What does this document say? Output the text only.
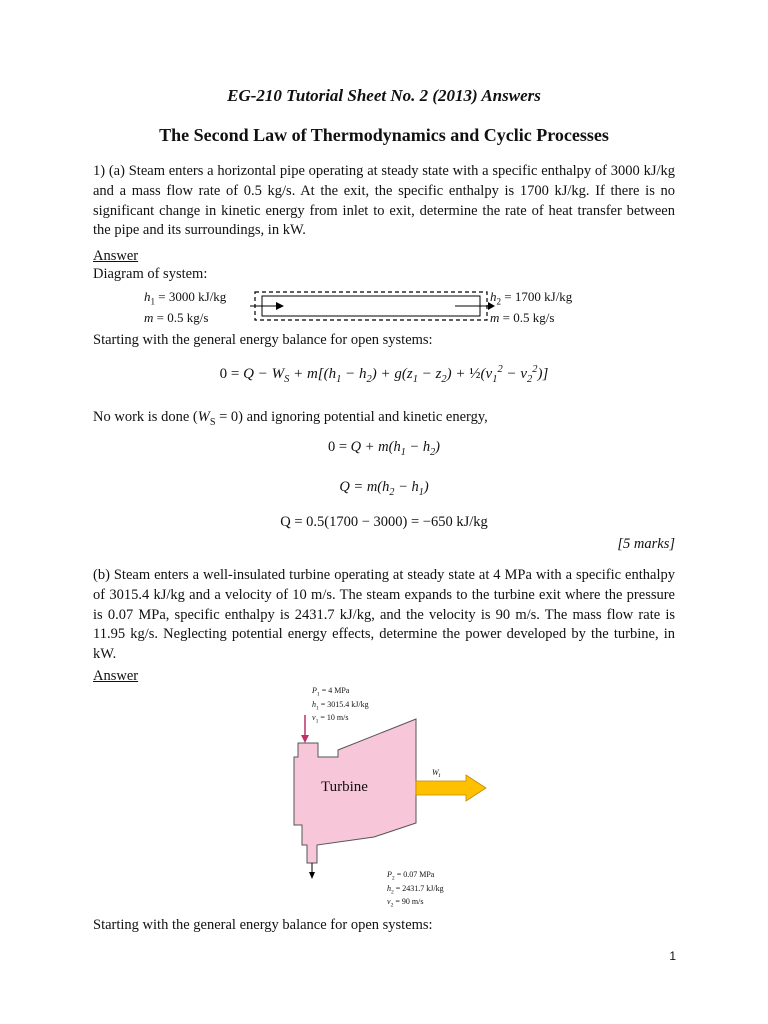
EG-210 Tutorial Sheet No. 2 (2013) Answers
The Second Law of Thermodynamics and Cyclic Processes
1) (a) Steam enters a horizontal pipe operating at steady state with a specific enthalpy of 3000 kJ/kg and a mass flow rate of 0.5 kg/s. At the exit, the specific enthalpy is 1700 kJ/kg. If there is no significant change in kinetic energy from inlet to exit, determine the rate of heat transfer between the pipe and its surroundings, in kW.
Answer
Diagram of system:
$h_1 = 3000$ kJ/kg
m = 0.5 kg/s
$h_2 = 1700$ kJ/kg
m = 0.5 kg/s
Starting with the general energy balance for open systems:
$0 = Q - W_S + m[(h_1 - h_2) + g(z_1 - z_2)$ + $\frac{1}{2}(v_1^2 - v_2^2)$]
No work is done $(W_S = 0)$ and ignoring potential and kinetic energy,
$0 = Q + m(h_1 - h_2)$
$Q = m(h_2 - h_1)$
Q = 0.5(1700 − 3000) = −650 kJ/kg
[5 marks]
(b) Steam enters a well-insulated turbine operating at steady state at 4 MPa with a specific enthalpy of 3015.4 kJ/kg and a velocity of 10 m/s. The steam expands to the turbine exit where the pressure is 0.07 MPa, specific enthalpy is 2431.7 kJ/kg, and the velocity is 90 m/s. The mass flow rate is 11.95 kg/s. Neglecting potential energy effects, determine the power developed by the turbine, in kW.
Answer
$P_1 = 4$ MPa
$h_1 = 3015.4$ kJ/kg
$v_1 = 10$ m/s
Turbine
$W_t$
$P_2 = 0.07$ MPa
$h_2 = 2431.7$ kJ/kg
$v_2 = 90$ m/s
Starting with the general energy balance for open systems:
1
